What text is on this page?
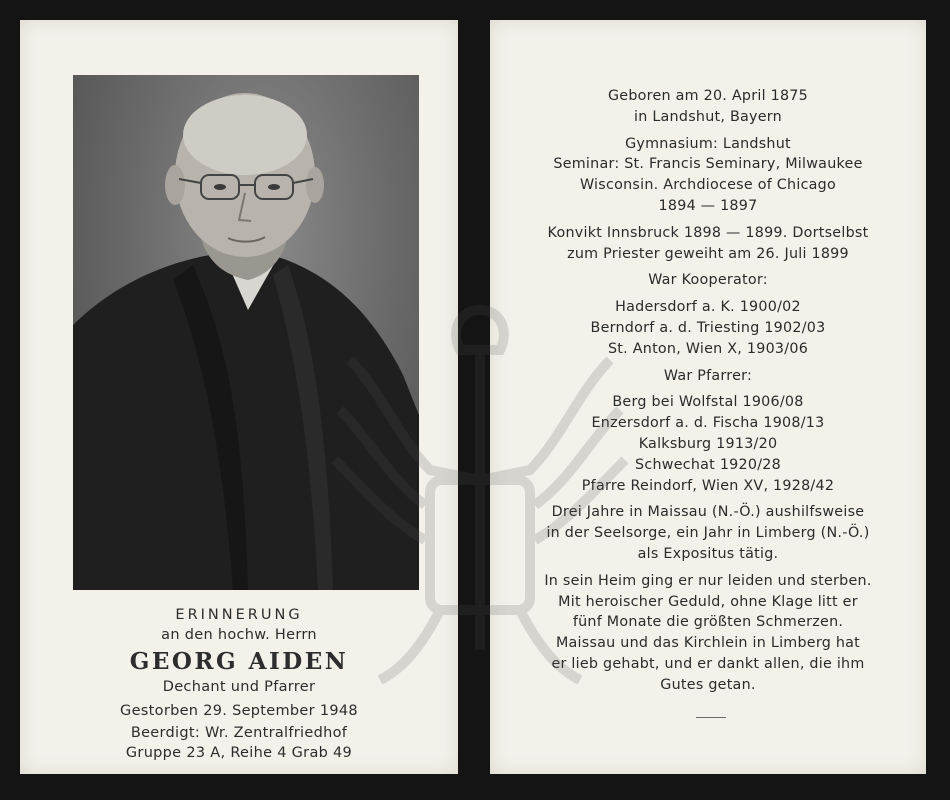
ERINNERUNG
an den hochw. Herrn
GEORG AIDEN
Dechant und Pfarrer
Gestorben 29. September 1948
Beerdigt: Wr. Zentralfriedhof
Gruppe 23 A, Reihe 4 Grab 49
Geboren am 20. April 1875
in Landshut, Bayern
Gymnasium: Landshut
Seminar: St. Francis Seminary, Milwaukee
Wisconsin. Archdiocese of Chicago
1894 — 1897
Konvikt Innsbruck 1898 — 1899. Dortselbst
zum Priester geweiht am 26. Juli 1899
War Kooperator:
Hadersdorf a. K. 1900/02
Berndorf a. d. Triesting 1902/03
St. Anton, Wien X, 1903/06
War Pfarrer:
Berg bei Wolfstal 1906/08
Enzersdorf a. d. Fischa 1908/13
Kalksburg 1913/20
Schwechat 1920/28
Pfarre Reindorf, Wien XV, 1928/42
Drei Jahre in Maissau (N.-Ö.) aushilfsweise
in der Seelsorge, ein Jahr in Limberg (N.-Ö.)
als Expositus tätig.
In sein Heim ging er nur leiden und sterben.
Mit heroischer Geduld, ohne Klage litt er
fünf Monate die größten Schmerzen.
Maissau und das Kirchlein in Limberg hat
er lieb gehabt, und er dankt allen, die ihm
Gutes getan.
